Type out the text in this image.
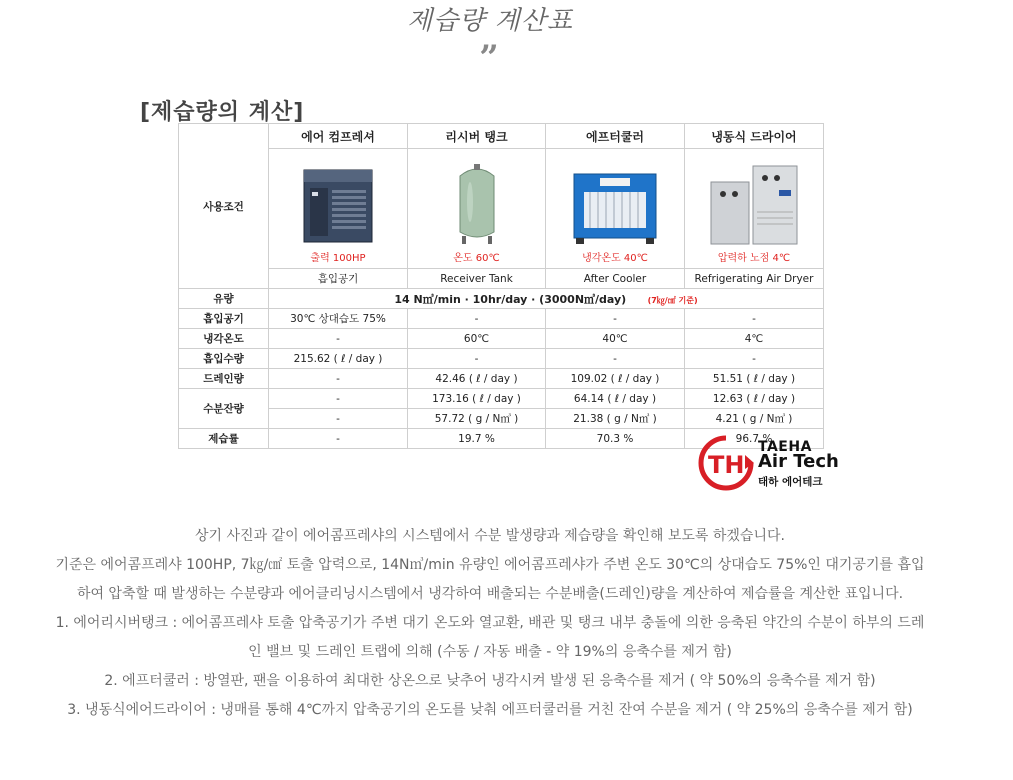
제습량 계산표
”
[제습량의 계산]
사용조건	에어 컴프레셔	리시버 탱크	에프터쿨러	냉동식 드라이어

	출력 100HP	온도 60℃	냉각온도 40℃	압력하 노점 4℃

	흡입공기	Receiver Tank	After Cooler	Refrigerating Air Dryer
유량	14 N㎥/min · 10hr/day · (3000N㎥/day) (7㎏/㎠ 기준)			
흡입공기	30℃ 상대습도 75%	-	-	-
냉각온도	-	60℃	40℃	4℃
흡입수량	215.62 ( ℓ / day )	-	-	-
드레인량	-	42.46 ( ℓ / day )	109.02 ( ℓ / day )	51.51 ( ℓ / day )
수분잔량	-	173.16 ( ℓ / day )	64.14 ( ℓ / day )	12.63 ( ℓ / day )
	-	57.72 ( g / N㎥ )	21.38 ( g / N㎥ )	4.21 ( g / N㎥ )
제습률	-	19.7 %	70.3 %	96.7 %
TH
TAEHA
Air Tech
태하 에어테크

상기 사진과 같이 에어콤프레샤의 시스템에서 수분 발생량과 제습량을 확인해 보도록 하겠습니다.

기준은 에어콤프레샤 100HP, 7㎏/㎠ 토출 압력으로, 14N㎥/min 유량인 에어콤프레샤가 주변 온도 30℃의 상대습도 75%인 대기공기를 흡입하여 압축할 때 발생하는 수분량과 에어클리닝시스템에서 냉각하여 배출되는 수분배출(드레인)량을 계산하여 제습률을 계산한 표입니다.

1. 에어리시버탱크 : 에어콤프레샤 토출 압축공기가 주변 대기 온도와 열교환, 배관 및 탱크 내부 충돌에 의한 응축된 약간의 수분이 하부의 드레인 밸브 및 드레인 트랩에 의해 (수동 / 자동 배출 - 약 19%의 응축수를 제거 함)

2. 에프터쿨러 : 방열판, 팬을 이용하여 최대한 상온으로 낮추어 냉각시켜 발생 된 응축수를 제거 ( 약 50%의 응축수를 제거 함)

3. 냉동식에어드라이어 : 냉매를 통해 4℃까지 압축공기의 온도를 낮춰 에프터쿨러를 거친 잔여 수분을 제거 ( 약 25%의 응축수를 제거 함)
